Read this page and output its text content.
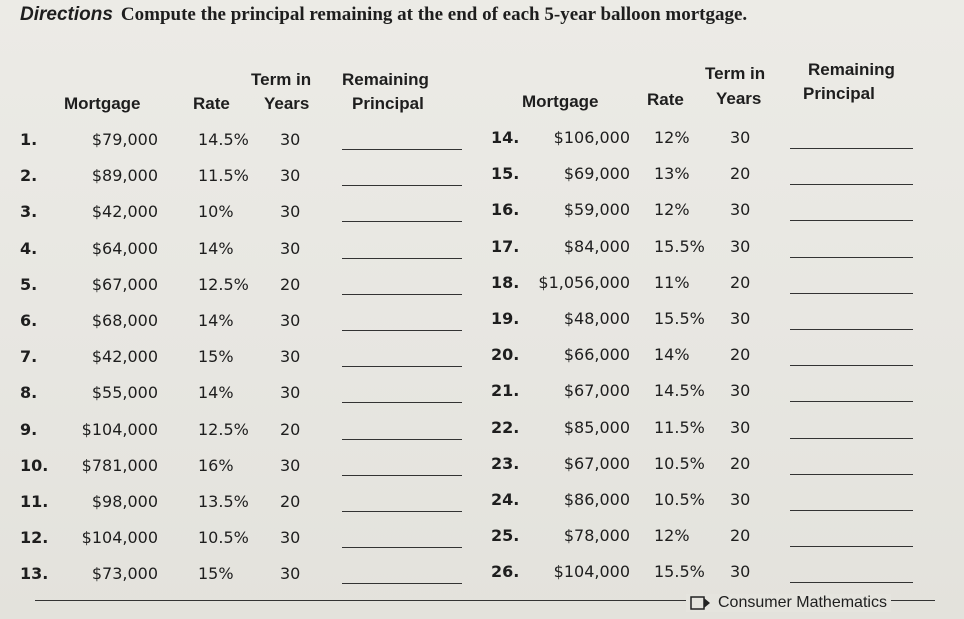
Directions Compute the principal remaining at the end of each 5-year balloon mortgage.
Term in Remaining
Mortgage	Rate Years	Principal
Term in	Remaining
Mortgage	Rate Years Principal
1.	$79,000	14.5% 30
2.	$89,000	11.5% 30
3.	$42,000	10%	30
4.	$64,000	14%	30
5.	$67,000	12.5% 20
6.	$68,000	14%	30
7.	$42,000	15%	30
8.	$55,000	14%	30
9.	$104,000	12.5% 20
10. $781,000	16%	30
11.	$98,000	13.5% 20
12. $104,000	10.5% 30
13.	$73,000	15%	30
14. $106,000 12%	30
15.	$69,000 13%	20
16.	$59,000 12%	30
17.	$84,000 15.5% 30
18. $1,056,000 11%	20
19.	$48,000 15.5% 30
20.	$66,000 14%	20
21.	$67,000 14.5% 30
22.	$85,000 11.5% 30
23.	$67,000 10.5% 20
24.	$86,000 10.5% 30
25.	$78,000 12%	20
26. $104,000 15.5% 30
Consumer Mathematics
